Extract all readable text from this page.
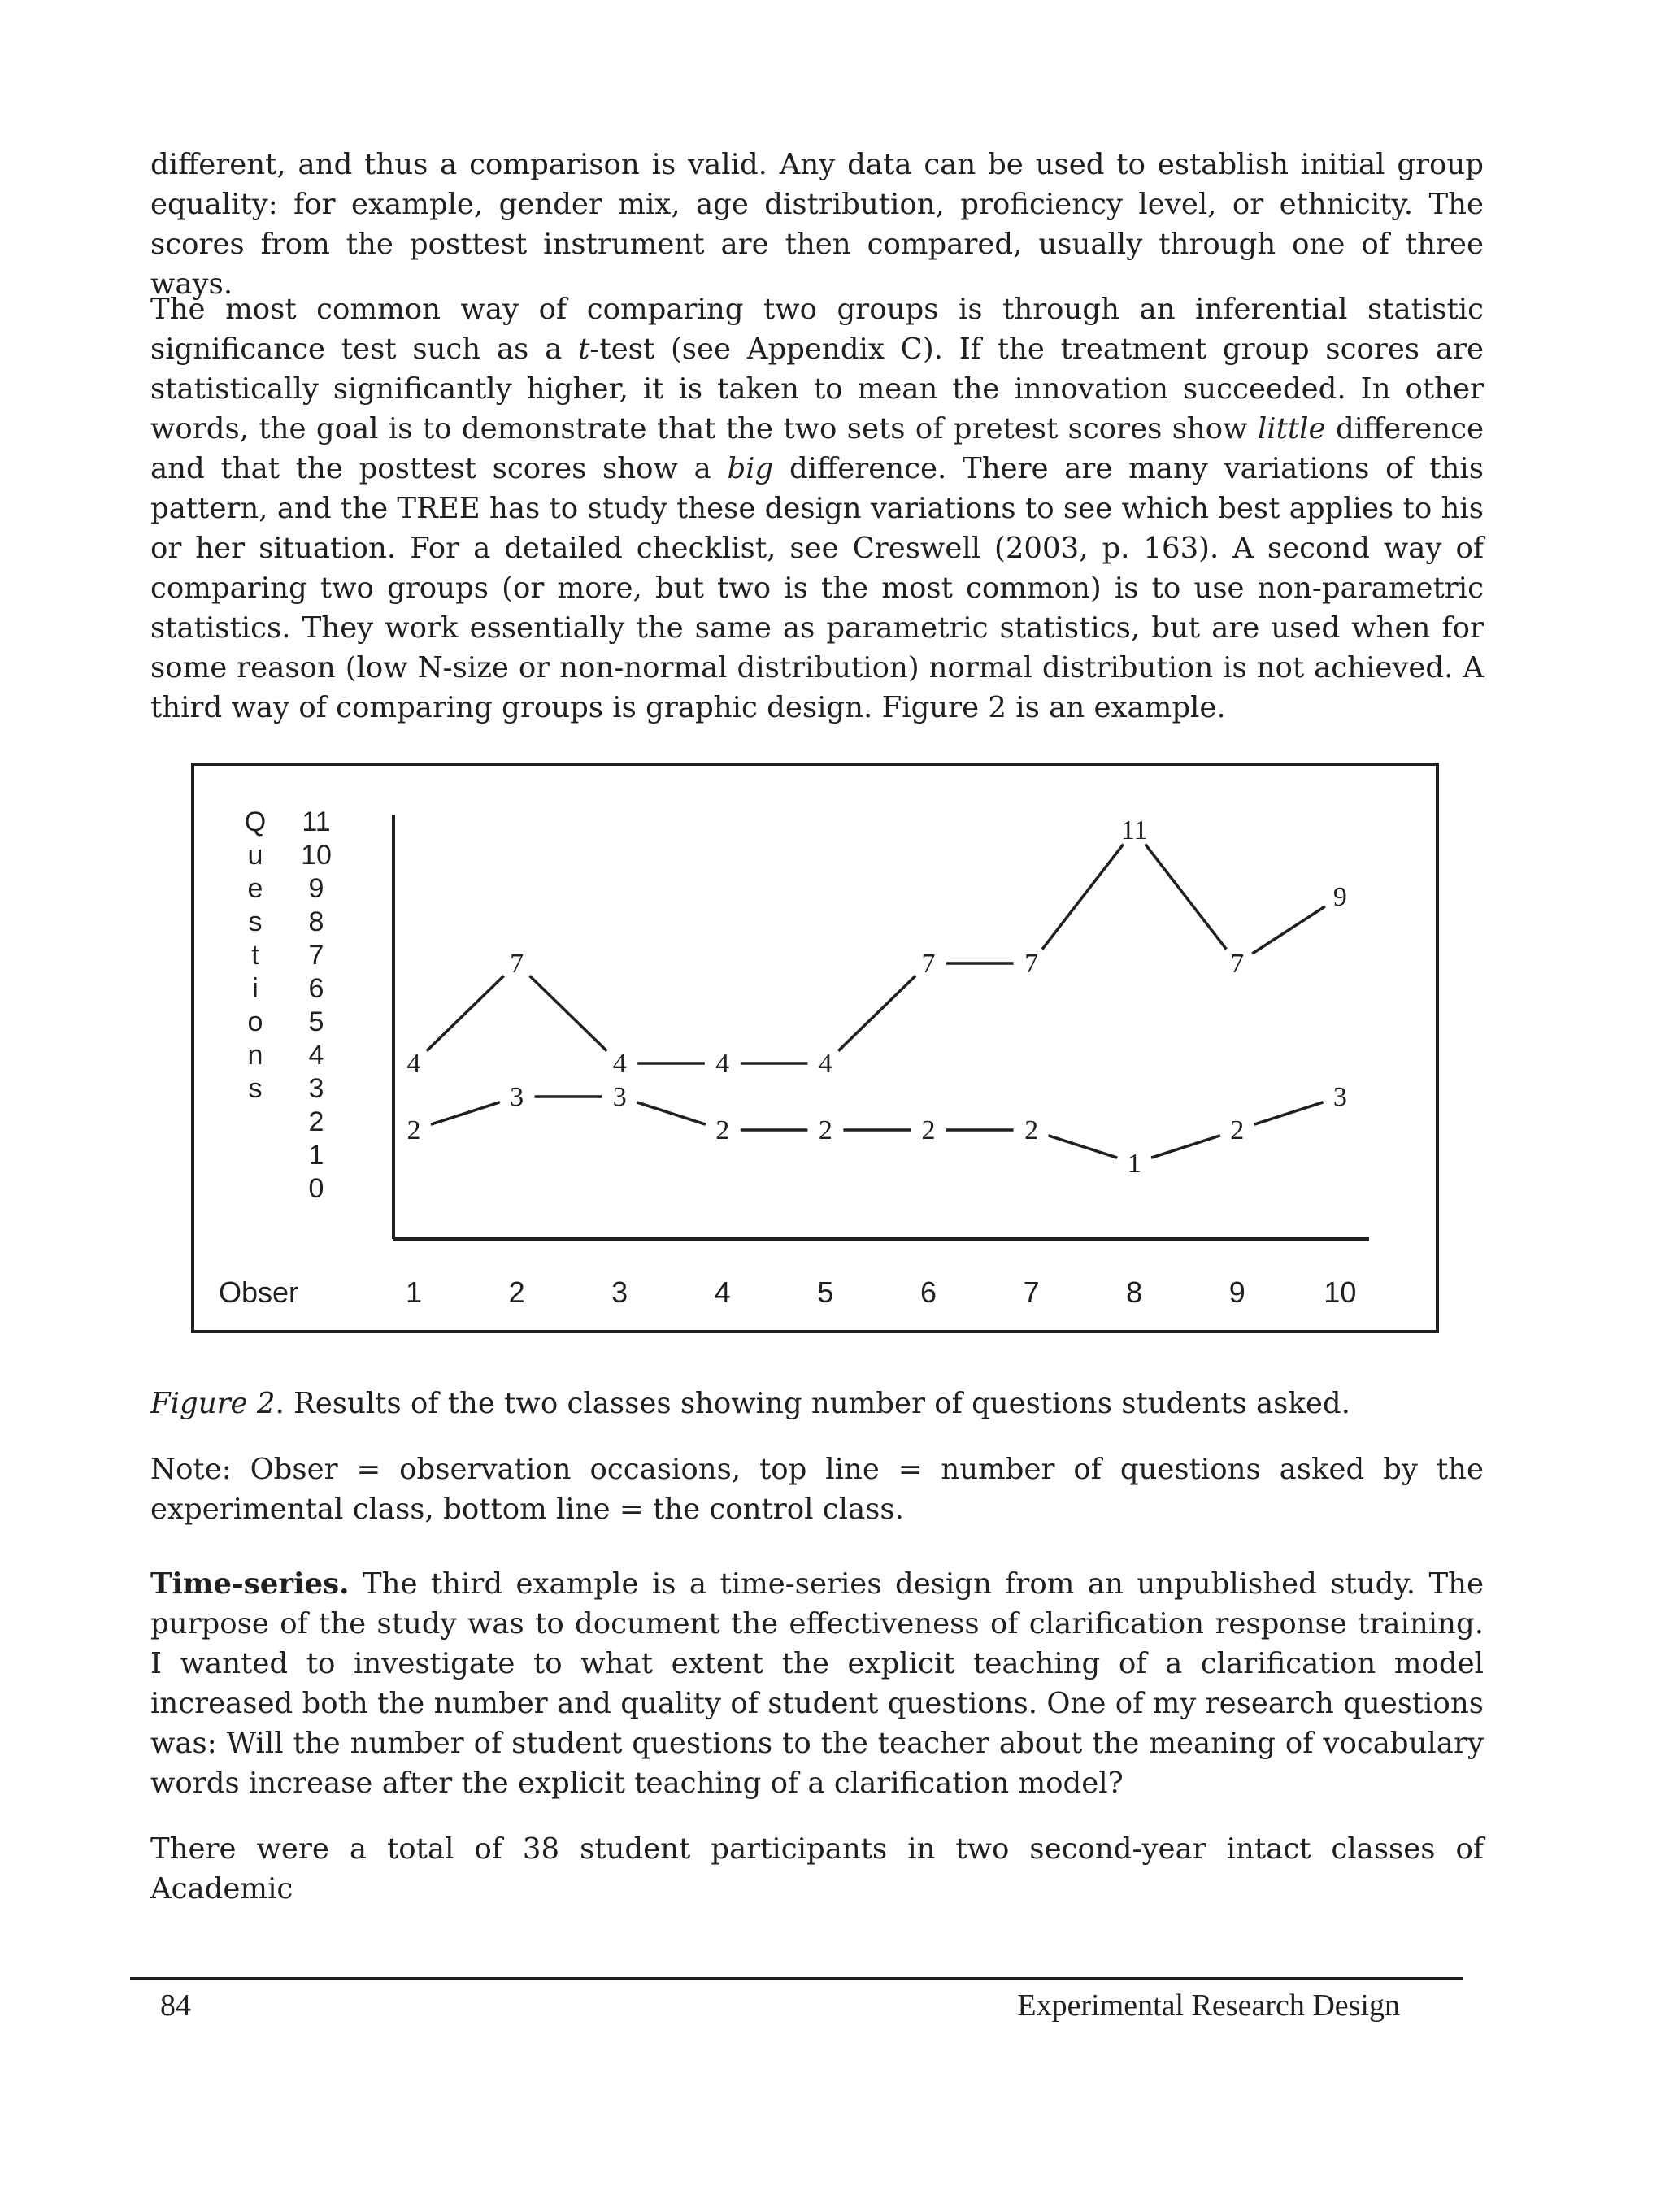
different, and thus a comparison is valid. Any data can be used to establish initial group equality: for example, gender mix, age distribution, proficiency level, or ethnicity. The scores from the posttest instrument are then compared, usually through one of three ways.

The most common way of comparing two groups is through an inferential statistic significance test such as a t-test (see Appendix C). If the treatment group scores are statistically significantly higher, it is taken to mean the innovation succeeded. In other words, the goal is to demonstrate that the two sets of pretest scores show little difference and that the posttest scores show a big difference. There are many variations of this pattern, and the TREE has to study these design variations to see which best applies to his or her situation. For a detailed checklist, see Creswell (2003, p. 163). A second way of comparing two groups (or more, but two is the most common) is to use non-parametric statistics. They work essentially the same as parametric statistics, but are used when for some reason (low N-size or non-normal distribution) normal distribution is not achieved. A third way of comparing groups is graphic design. Figure 2 is an example.

Q
u
e
s
t
i
o
n
s
11
10
9
8
7
6
5
4
3
2
1
0
Obser	1	2	3	4	5	6	7	8	9	10
4
7
4	4	4
7	7
11
7
9
2
3	3
2	2	2	2
1
2
3

Figure 2. Results of the two classes showing number of questions students asked.

Note: Obser = observation occasions, top line = number of questions asked by the experimental class, bottom line = the control class.

Time-series. The third example is a time-series design from an unpublished study. The purpose of the study was to document the effectiveness of clarification response training. I wanted to investigate to what extent the explicit teaching of a clarification model increased both the number and quality of student questions. One of my research questions was: Will the number of student questions to the teacher about the meaning of vocabulary words increase after the explicit teaching of a clarification model?

There were a total of 38 student participants in two second-year intact classes of Academic

84	Experimental Research Design
